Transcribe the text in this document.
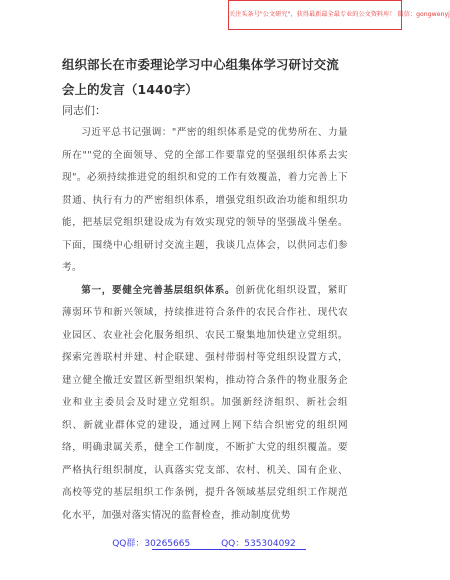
关注头条号"公文研究"，获得最新最全最专业的公文资料库！ 微信：gongwenyj
组织部长在市委理论学习中心组集体学习研讨交流会上的发言（1440字）
同志们：

习近平总书记强调："严密的组织体系是党的优势所在、力量所在""党的全面领导、党的全部工作要靠党的坚强组织体系去实现"。必须持续推进党的组织和党的工作有效覆盖，着力完善上下贯通、执行有力的严密组织体系，增强党组织政治功能和组织功能，把基层党组织建设成为有效实现党的领导的坚强战斗堡垒。下面，围绕中心组研讨交流主题，我谈几点体会，以供同志们参考。

第一，要健全完善基层组织体系。创新优化组织设置，紧盯薄弱环节和新兴领域，持续推进符合条件的农民合作社、现代农业园区、农业社会化服务组织、农民工聚集地加快建立党组织。探索完善联村并建、村企联建、强村带弱村等党组织设置方式，建立健全撤迁安置区新型组织架构，推动符合条件的物业服务企业和业主委员会及时建立党组织。加强新经济组织、新社会组织、新就业群体党的建设，通过网上网下结合织密党的组织网络，明确隶属关系，健全工作制度，不断扩大党的组织覆盖。要严格执行组织制度，认真落实党支部、农村、机关、国有企业、高校等党的基层组织工作条例，提升各领域基层党组织工作规范化水平，加强对落实情况的监督检查，推动制度优势

QQ群：30265665	QQ：535304092
